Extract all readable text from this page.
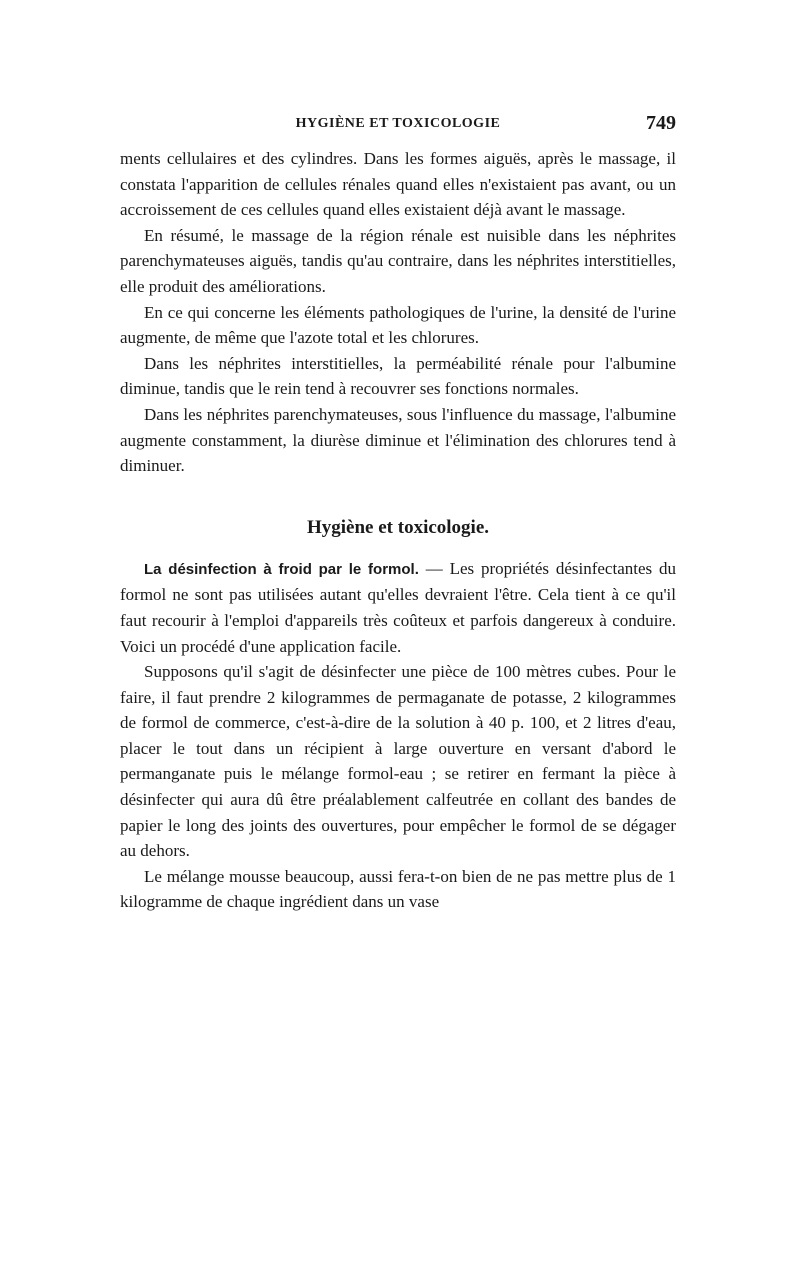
HYGIÈNE ET TOXICOLOGIE	749

ments cellulaires et des cylindres. Dans les formes aiguës, après le massage, il constata l'apparition de cellules rénales quand elles n'existaient pas avant, ou un accroissement de ces cellules quand elles existaient déjà avant le massage.

En résumé, le massage de la région rénale est nuisible dans les néphrites parenchymateuses aiguës, tandis qu'au contraire, dans les néphrites interstitielles, elle produit des améliorations.

En ce qui concerne les éléments pathologiques de l'urine, la densité de l'urine augmente, de même que l'azote total et les chlorures.

Dans les néphrites interstitielles, la perméabilité rénale pour l'albumine diminue, tandis que le rein tend à recouvrer ses fonctions normales.

Dans les néphrites parenchymateuses, sous l'influence du massage, l'albumine augmente constamment, la diurèse diminue et l'élimination des chlorures tend à diminuer.

Hygiène et toxicologie.

La désinfection à froid par le formol. — Les propriétés désinfectantes du formol ne sont pas utilisées autant qu'elles devraient l'être. Cela tient à ce qu'il faut recourir à l'emploi d'appareils très coûteux et parfois dangereux à conduire. Voici un procédé d'une application facile.

Supposons qu'il s'agit de désinfecter une pièce de 100 mètres cubes. Pour le faire, il faut prendre 2 kilogrammes de permaganate de potasse, 2 kilogrammes de formol de commerce, c'est-à-dire de la solution à 40 p. 100, et 2 litres d'eau, placer le tout dans un récipient à large ouverture en versant d'abord le permanganate puis le mélange formol-eau ; se retirer en fermant la pièce à désinfecter qui aura dû être préalablement calfeutrée en collant des bandes de papier le long des joints des ouvertures, pour empêcher le formol de se dégager au dehors.

Le mélange mousse beaucoup, aussi fera-t-on bien de ne pas mettre plus de 1 kilogramme de chaque ingrédient dans un vase
